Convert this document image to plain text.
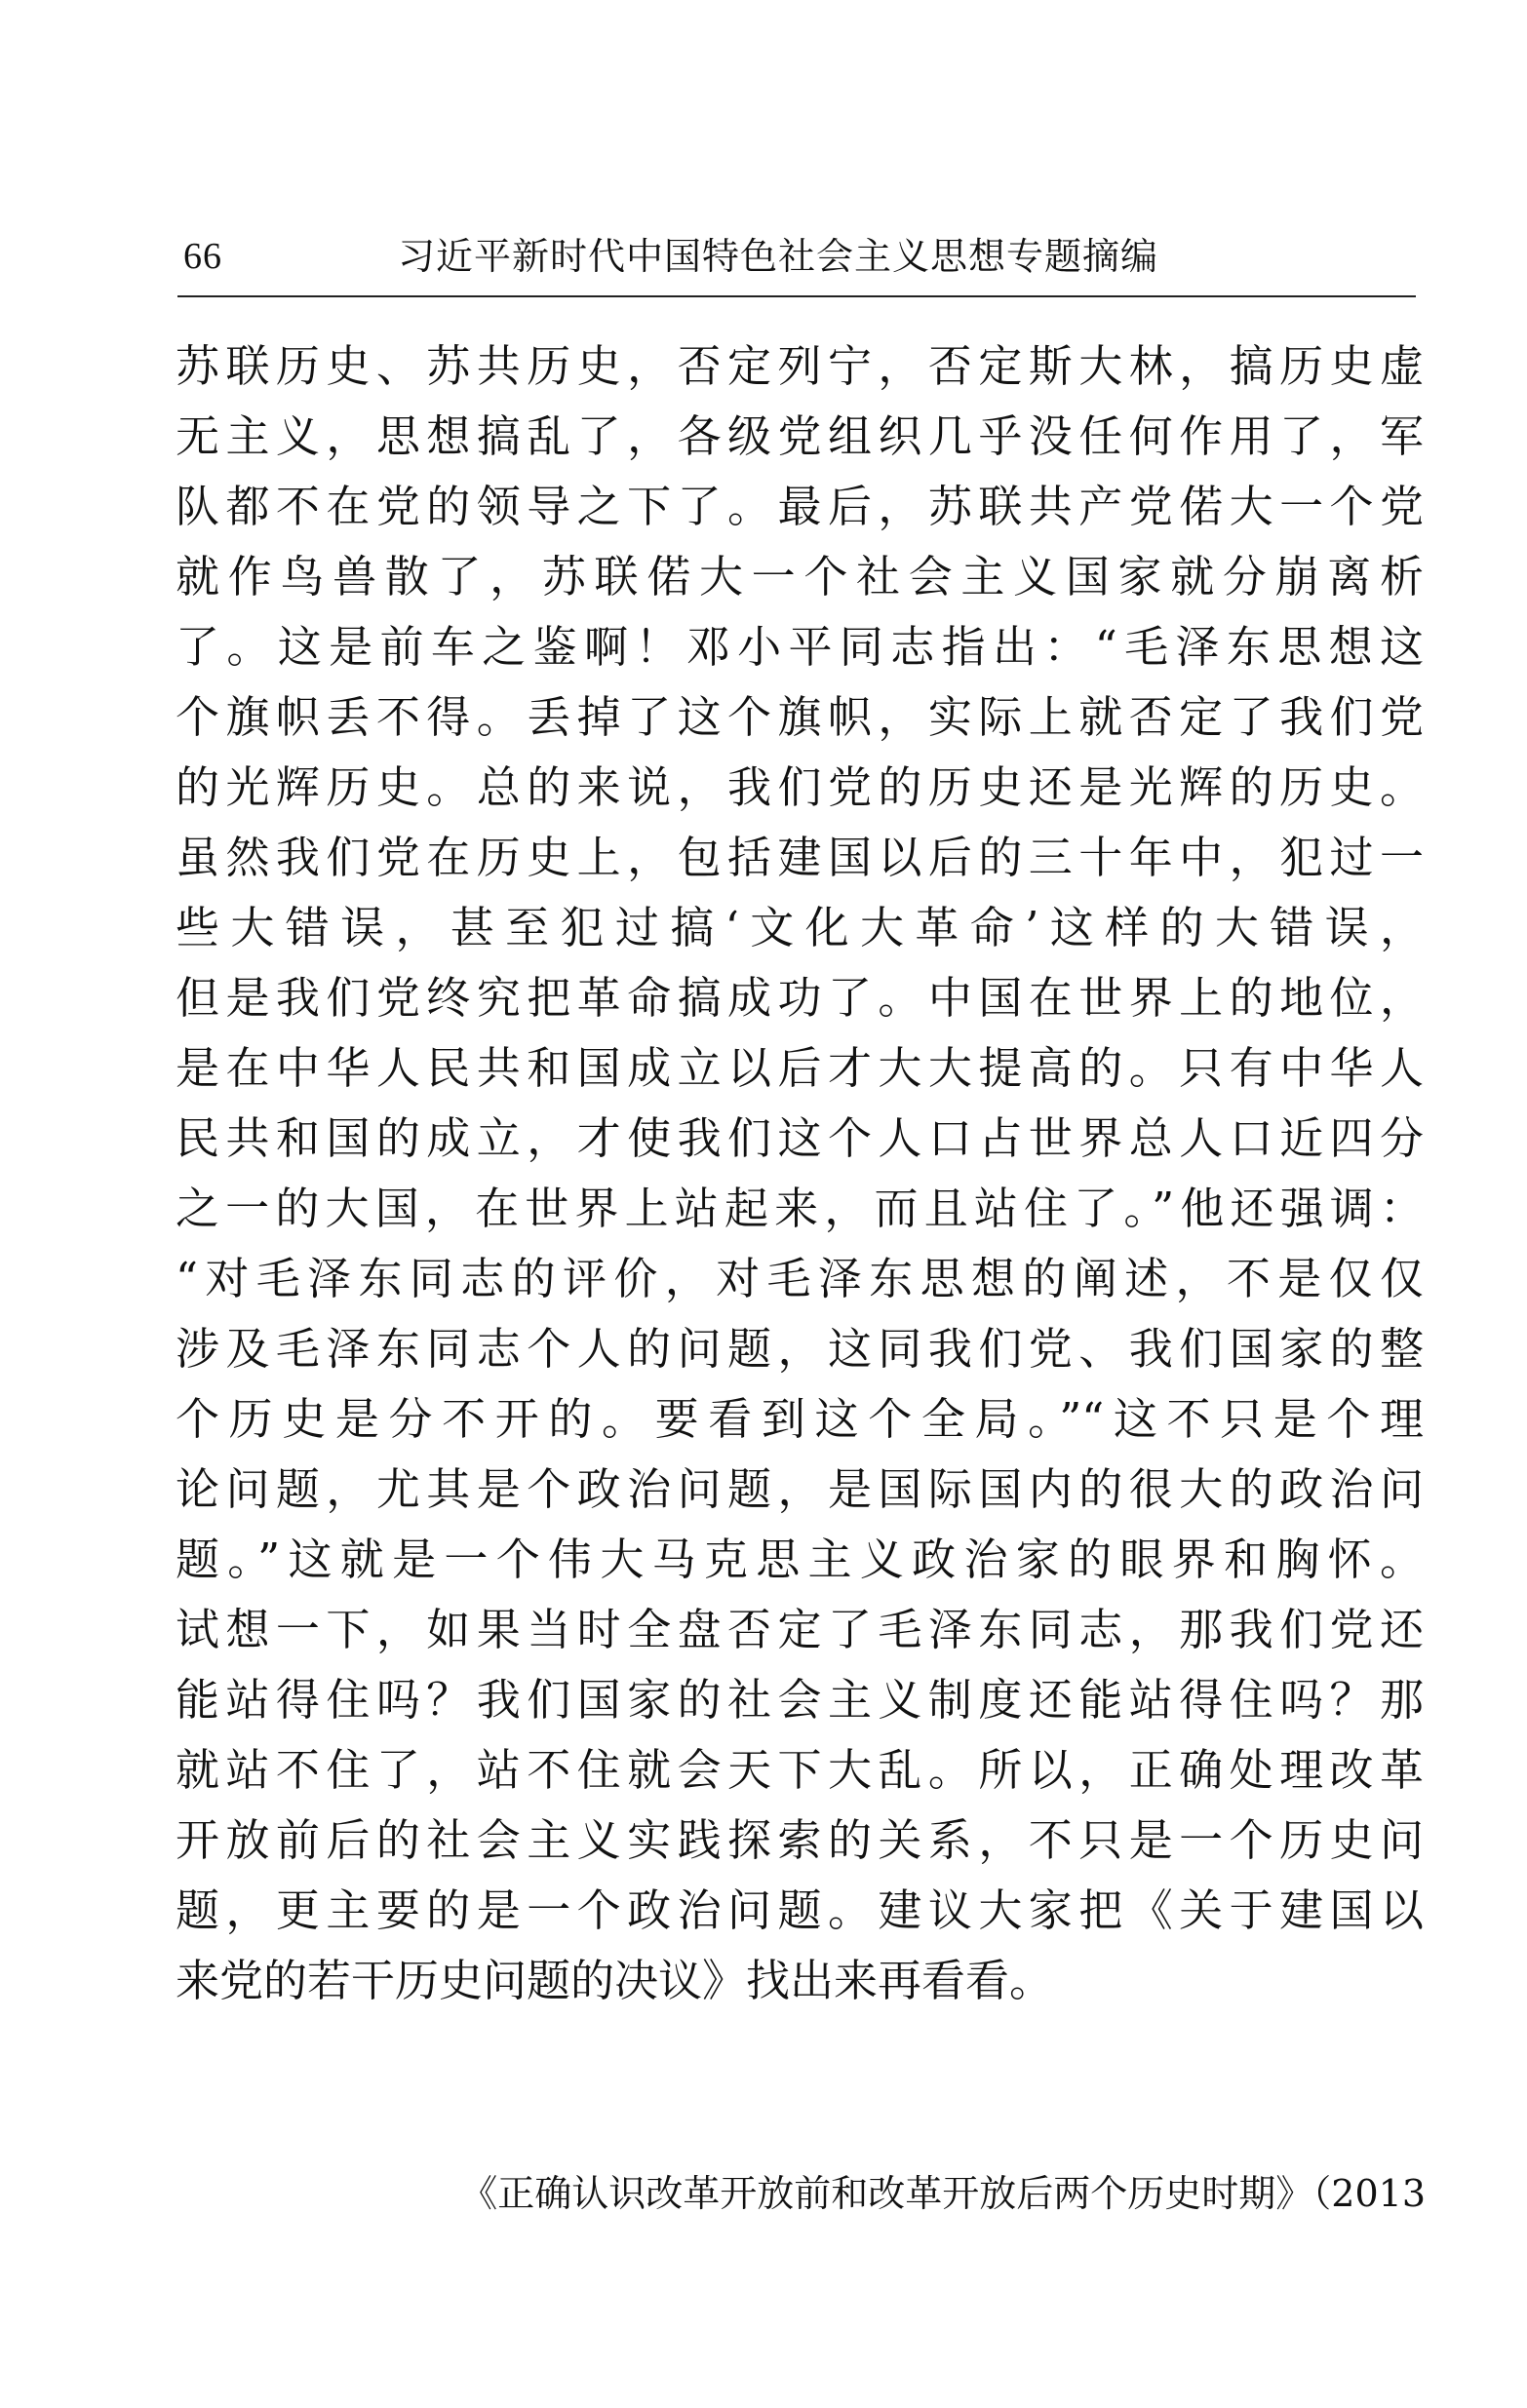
66	习近平新时代中国特色社会主义思想专题摘编
苏联历史、苏共历史，否定列宁，否定斯大林，搞历史虚
无主义，思想搞乱了，各级党组织几乎没任何作用了，军
队都不在党的领导之下了。最后，苏联共产党偌大一个党
就作鸟兽散了，苏联偌大一个社会主义国家就分崩离析
了。这是前车之鉴啊！邓小平同志指出：“毛泽东思想这
个旗帜丢不得。丢掉了这个旗帜，实际上就否定了我们党
的光辉历史。总的来说，我们党的历史还是光辉的历史。
虽然我们党在历史上，包括建国以后的三十年中，犯过一
些大错误，甚至犯过搞‘文化大革命’这样的大错误，
但是我们党终究把革命搞成功了。中国在世界上的地位，
是在中华人民共和国成立以后才大大提高的。只有中华人
民共和国的成立，才使我们这个人口占世界总人口近四分
之一的大国，在世界上站起来，而且站住了。”他还强调：
“对毛泽东同志的评价，对毛泽东思想的阐述，不是仅仅
涉及毛泽东同志个人的问题，这同我们党、我们国家的整
个历史是分不开的。要看到这个全局。”“这不只是个理
论问题，尤其是个政治问题，是国际国内的很大的政治问
题。”这就是一个伟大马克思主义政治家的眼界和胸怀。
试想一下，如果当时全盘否定了毛泽东同志，那我们党还
能站得住吗？我们国家的社会主义制度还能站得住吗？那
就站不住了，站不住就会天下大乱。所以，正确处理改革
开放前后的社会主义实践探索的关系，不只是一个历史问
题，更主要的是一个政治问题。建议大家把《关于建国以
来党的若干历史问题的决议》找出来再看看。
《正确认识改革开放前和改革开放后两个历史时期》（2013
